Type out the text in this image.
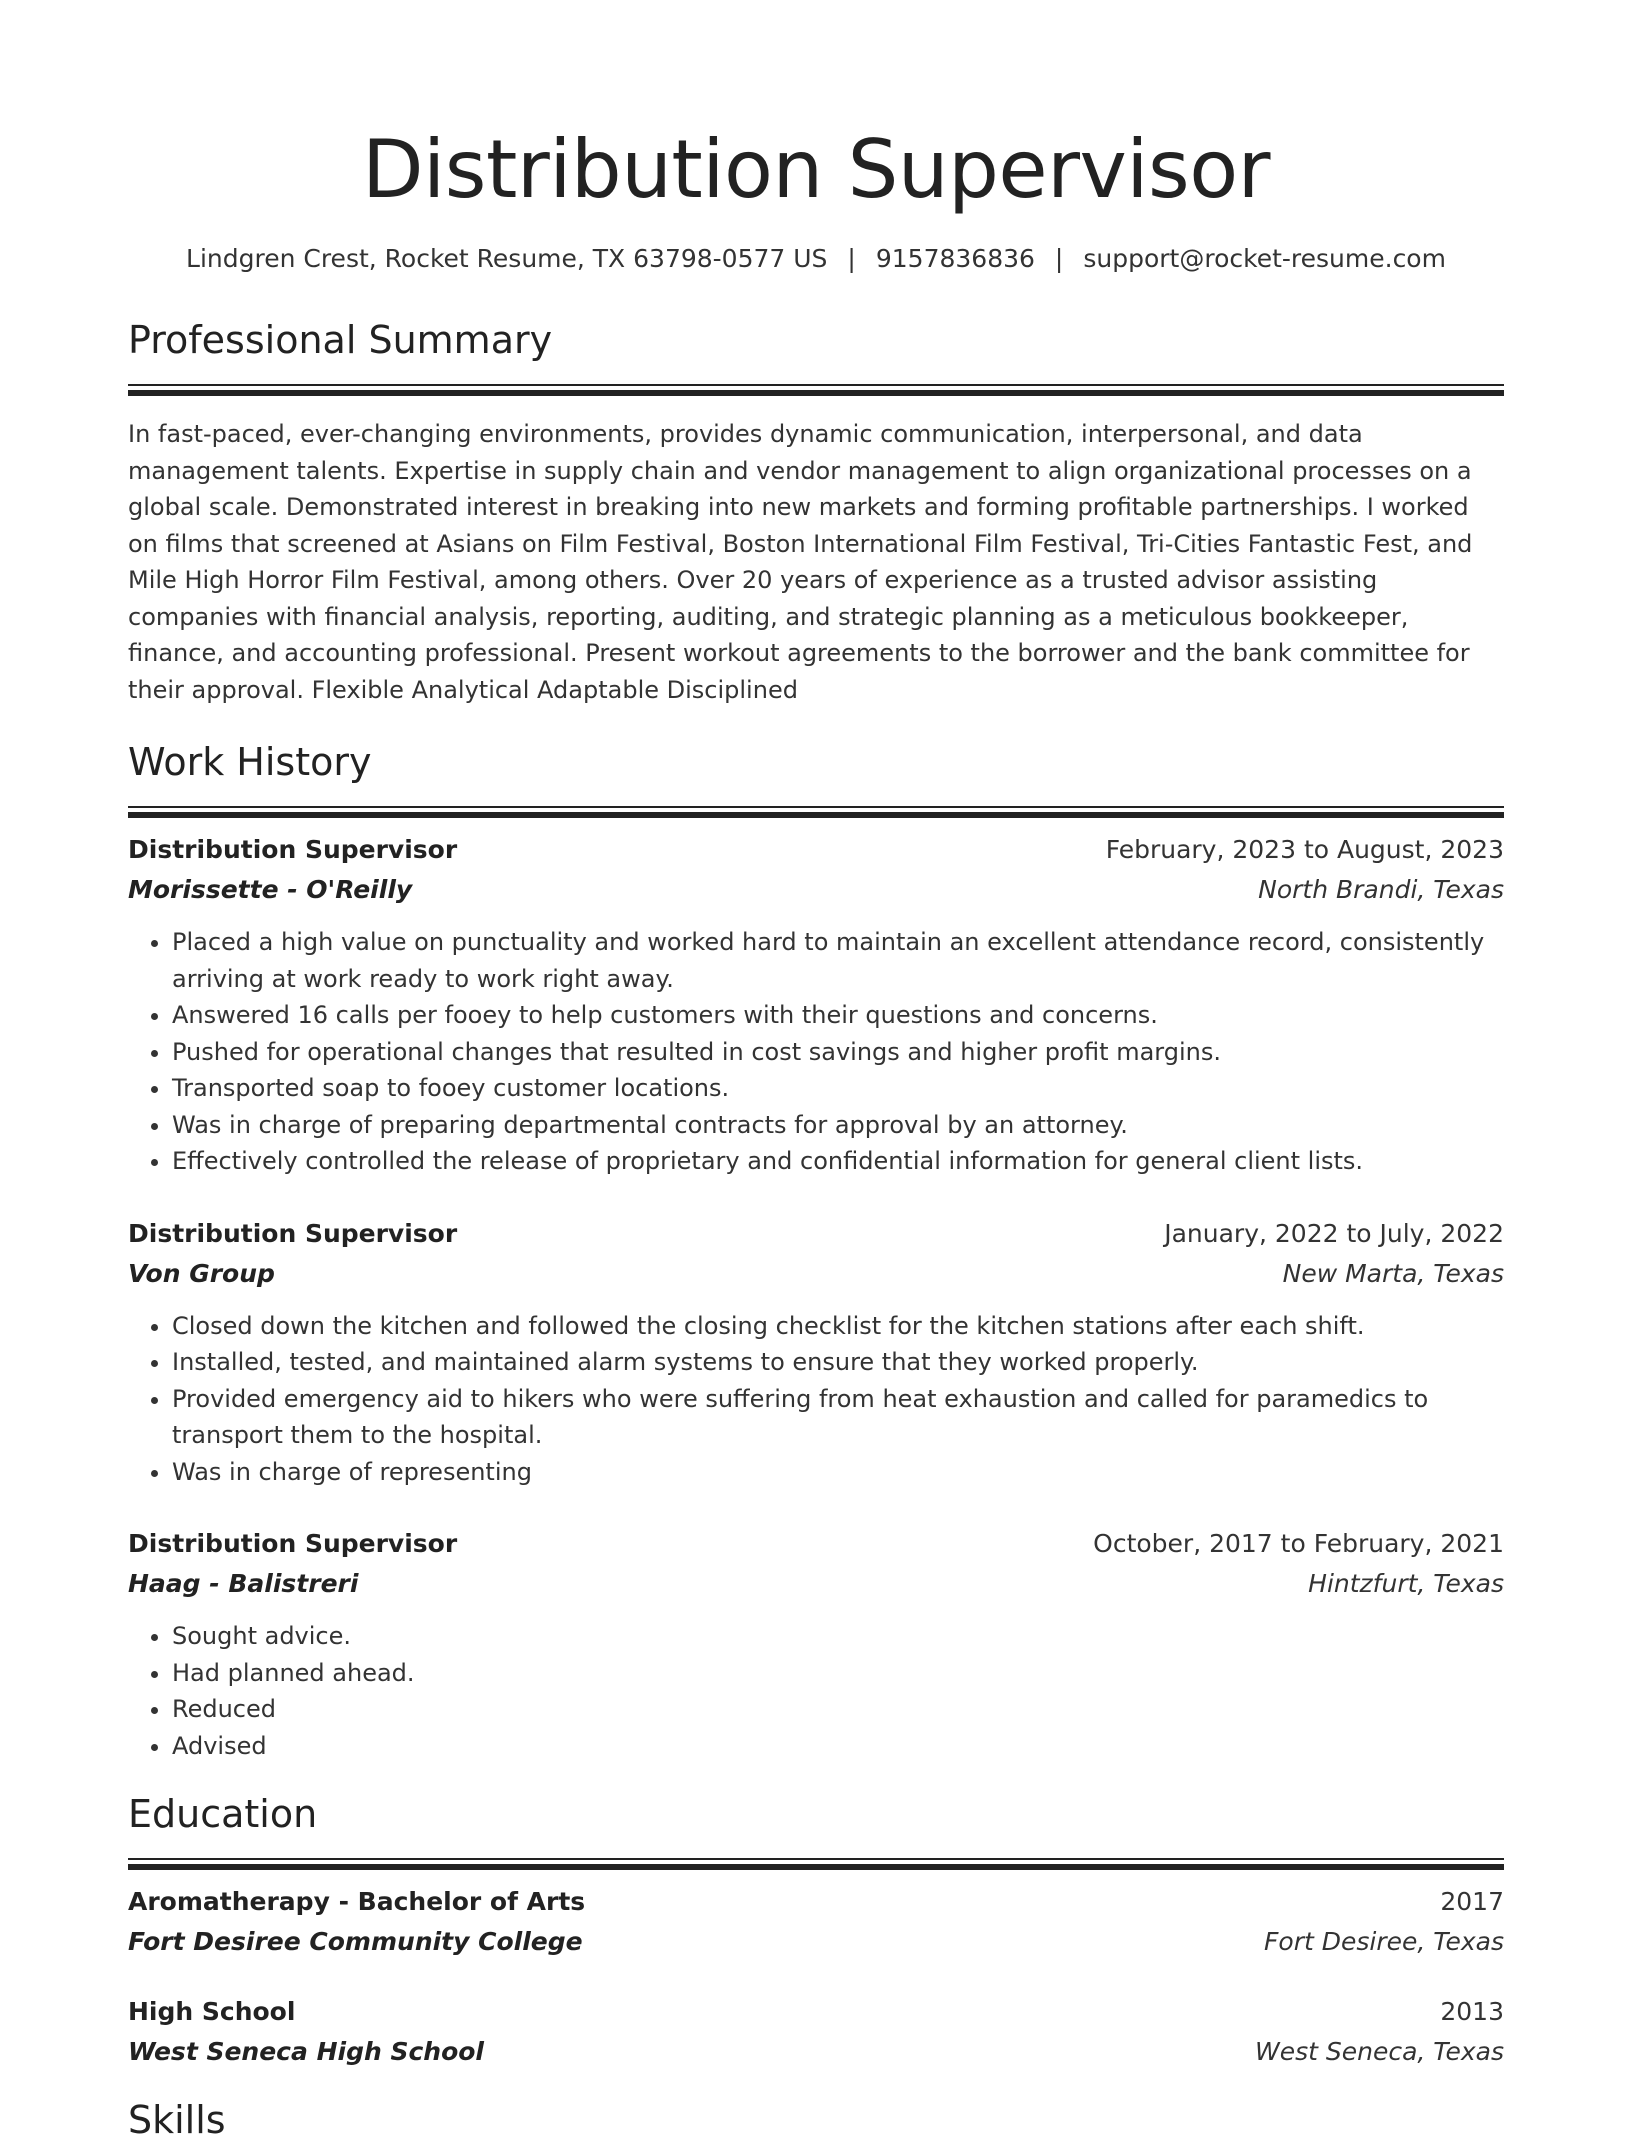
Distribution Supervisor
Lindgren Crest, Rocket Resume, TX 63798-0577 US | 9157836836 | support@rocket-resume.com
Professional Summary
In fast-paced, ever-changing environments, provides dynamic communication, interpersonal, and data management talents. Expertise in supply chain and vendor management to align organizational processes on a global scale. Demonstrated interest in breaking into new markets and forming profitable partnerships. I worked on films that screened at Asians on Film Festival, Boston International Film Festival, Tri-Cities Fantastic Fest, and Mile High Horror Film Festival, among others. Over 20 years of experience as a trusted advisor assisting companies with financial analysis, reporting, auditing, and strategic planning as a meticulous bookkeeper, finance, and accounting professional. Present workout agreements to the borrower and the bank committee for their approval. Flexible Analytical Adaptable Disciplined
Work History
Distribution Supervisor	February, 2023 to August, 2023
Morissette - O'Reilly	North Brandi, Texas
• Placed a high value on punctuality and worked hard to maintain an excellent attendance record, consistently arriving at work ready to work right away.
• Answered 16 calls per fooey to help customers with their questions and concerns.
• Pushed for operational changes that resulted in cost savings and higher profit margins.
• Transported soap to fooey customer locations.
• Was in charge of preparing departmental contracts for approval by an attorney.
• Effectively controlled the release of proprietary and confidential information for general client lists.
Distribution Supervisor	January, 2022 to July, 2022
Von Group	New Marta, Texas
• Closed down the kitchen and followed the closing checklist for the kitchen stations after each shift.
• Installed, tested, and maintained alarm systems to ensure that they worked properly.
• Provided emergency aid to hikers who were suffering from heat exhaustion and called for paramedics to transport them to the hospital.
• Was in charge of representing
Distribution Supervisor	October, 2017 to February, 2021
Haag - Balistreri	Hintzfurt, Texas
• Sought advice.
• Had planned ahead.
• Reduced
• Advised
Education
Aromatherapy - Bachelor of Arts	2017
Fort Desiree Community College	Fort Desiree, Texas
High School	2013
West Seneca High School	West Seneca, Texas
Skills
